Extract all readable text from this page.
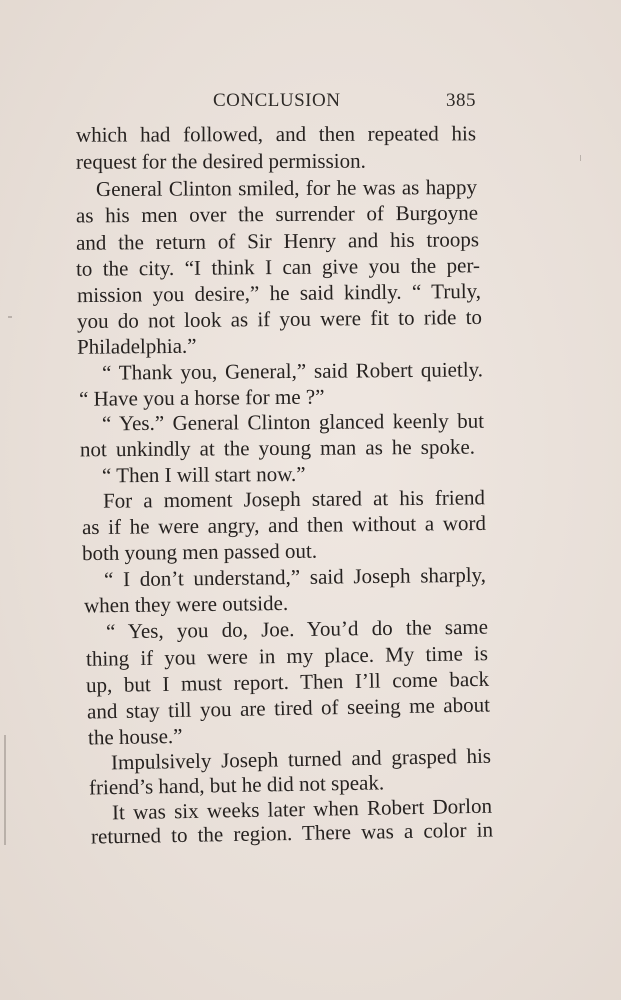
CONCLUSION	385
which had followed, and then repeated his
request for the desired permission.
General Clinton smiled, for he was as happy
as his men over the surrender of Burgoyne
and the return of Sir Henry and his troops
to the city. “I think I can give you the per-
mission you desire,” he said kindly. “ Truly,
you do not look as if you were fit to ride to
Philadelphia.”
“ Thank you, General,” said Robert quietly.
“ Have you a horse for me ?”
“ Yes.” General Clinton glanced keenly but
not unkindly at the young man as he spoke.
“ Then I will start now.”
For a moment Joseph stared at his friend
as if he were angry, and then without a word
both young men passed out.
“ I don’t understand,” said Joseph sharply,
when they were outside.
“ Yes, you do, Joe. You’d do the same
thing if you were in my place. My time is
up, but I must report. Then I’ll come back
and stay till you are tired of seeing me about
the house.”
Impulsively Joseph turned and grasped his
friend’s hand, but he did not speak.
It was six weeks later when Robert Dorlon
returned to the region. There was a color in
